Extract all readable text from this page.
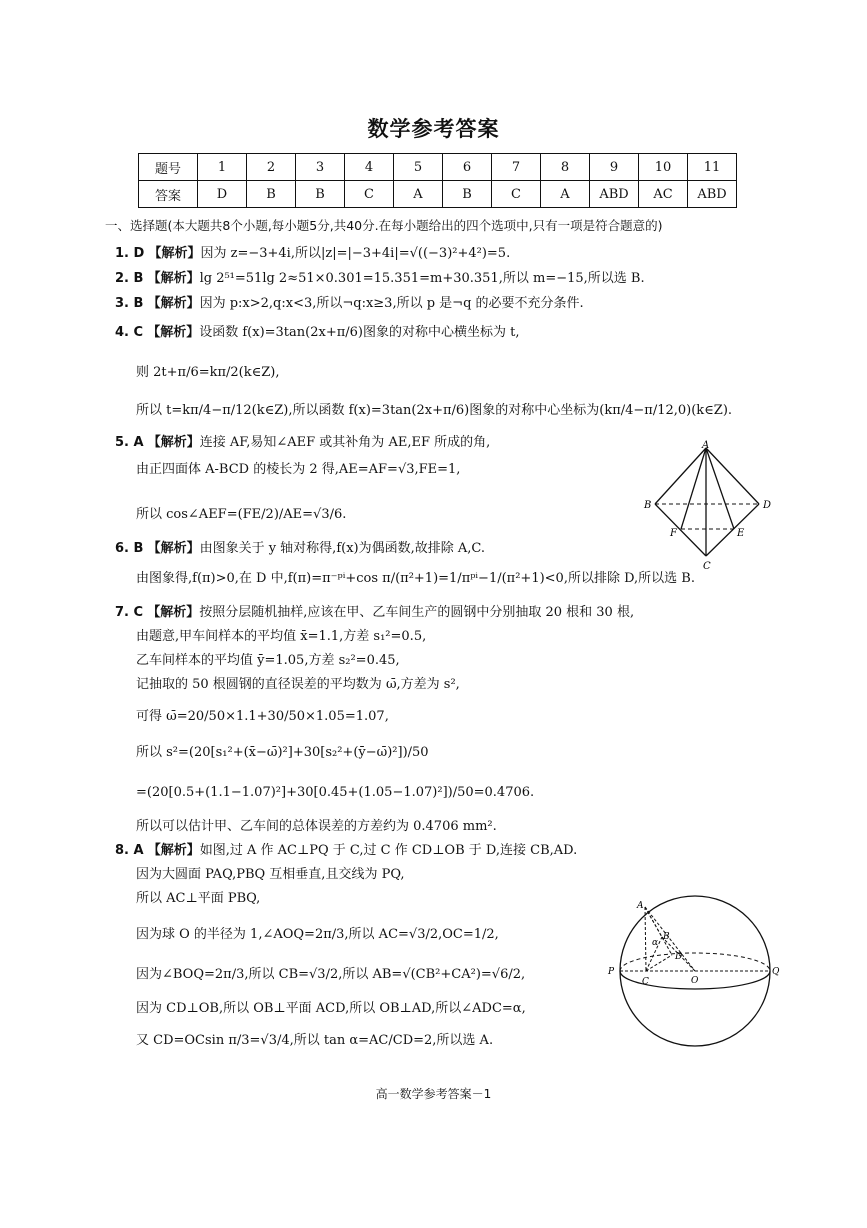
数学参考答案
题号	1	2	3	4	5	6	7	8	9	10	11
答案	D	B	B	C	A	B	C	A	ABD	AC	ABD
一、选择题(本大题共8个小题,每小题5分,共40分.在每小题给出的四个选项中,只有一项是符合题意的)
1. D 【解析】因为 z=−3+4i,所以|z|=|−3+4i|=√((−3)²+4²)=5.
2. B 【解析】lg 2⁵¹=51lg 2≈51×0.301=15.351=m+30.351,所以 m=−15,所以选 B.
3. B 【解析】因为 p:x>2,q:x<3,所以¬q:x≥3,所以 p 是¬q 的必要不充分条件.
4. C 【解析】设函数 f(x)=3tan(2x+π/6)图象的对称中心横坐标为 t,
则 2t+π/6=kπ/2(k∈Z),
所以 t=kπ/4−π/12(k∈Z),所以函数 f(x)=3tan(2x+π/6)图象的对称中心坐标为(kπ/4−π/12,0)(k∈Z).
5. A 【解析】连接 AF,易知∠AEF 或其补角为 AE,EF 所成的角,
由正四面体 A-BCD 的棱长为 2 得,AE=AF=√3,FE=1,
所以 cos∠AEF=(FE/2)/AE=√3/6.
A
B	D
C
F	E
6. B 【解析】由图象关于 y 轴对称得,f(x)为偶函数,故排除 A,C.
由图象得,f(π)>0,在 D 中,f(π)=π⁻ᵖⁱ+cos π/(π²+1)=1/πᵖⁱ−1/(π²+1)<0,所以排除 D,所以选 B.
7. C 【解析】按照分层随机抽样,应该在甲、乙车间生产的圆钢中分别抽取 20 根和 30 根,
由题意,甲车间样本的平均值 x̄=1.1,方差 s₁²=0.5,
乙车间样本的平均值 ȳ=1.05,方差 s₂²=0.45,
记抽取的 50 根圆钢的直径误差的平均数为 ω̄,方差为 s²,
可得 ω̄=20/50×1.1+30/50×1.05=1.07,
所以 s²=(20[s₁²+(x̄−ω̄)²]+30[s₂²+(ȳ−ω̄)²])/50
=(20[0.5+(1.1−1.07)²]+30[0.45+(1.05−1.07)²])/50=0.4706.
所以可以估计甲、乙车间的总体误差的方差约为 0.4706 mm².
8. A 【解析】如图,过 A 作 AC⊥PQ 于 C,过 C 作 CD⊥OB 于 D,连接 CB,AD.
因为大圆面 PAQ,PBQ 互相垂直,且交线为 PQ,
所以 AC⊥平面 PBQ,
因为球 O 的半径为 1,∠AOQ=2π/3,所以 AC=√3/2,OC=1/2,
因为∠BOQ=2π/3,所以 CB=√3/2,所以 AB=√(CB²+CA²)=√6/2,
因为 CD⊥OB,所以 OB⊥平面 ACD,所以 OB⊥AD,所以∠ADC=α,
又 CD=OCsin π/3=√3/4,所以 tan α=AC/CD=2,所以选 A.
A
B
C
D
O
P	Q
α
高一数学参考答案－1
